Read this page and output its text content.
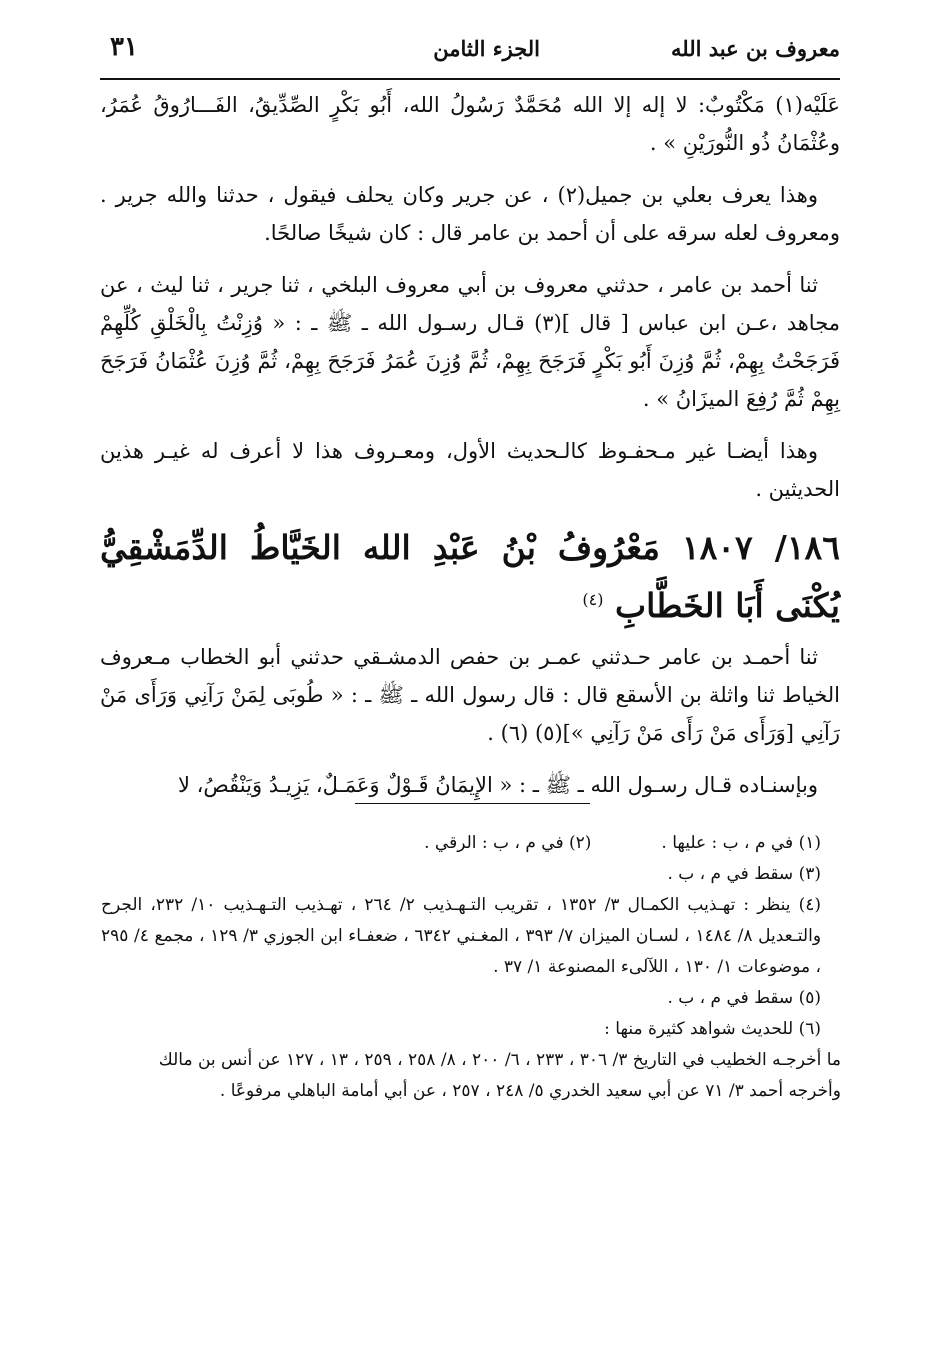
معروف بن عبد الله
الجزء الثامن
٣١

عَلَيْه(١) مَكْتُوبٌ: لا إله إلا الله مُحَمَّدٌ رَسُولُ الله، أَبُو بَكْرٍ الصِّدِّيقُ، الفَـــارُوقُ عُمَرُ، وعُثْمَانُ ذُو النُّورَيْنِ » .

وهذا يعرف بعلي بن جميل(٢) ، عن جرير وكان يحلف فيقول ، حدثنا والله جرير . ومعروف لعله سرقه على أن أحمد بن عامر قال : كان شيخًا صالحًا.

ثنا أحمد بن عامر ، حدثني معروف بن أبي معروف البلخي ، ثنا جرير ، ثنا ليث ، عن مجاهد ،عـن ابن عباس [ قال ](٣) قـال رسـول الله ـ ﷺ ـ : « وُزِنْتُ بِالْخَلْقِ كُلِّهِمْ فَرَجَحْتُ بِهِمْ، ثُمَّ وُزِنَ أَبُو بَكْرٍ فَرَجَحَ بِهِمْ، ثُمَّ وُزِنَ عُمَرُ فَرَجَحَ بِهِمْ، ثُمَّ وُزِنَ عُثْمَانُ فَرَجَحَ بِهِمْ ثُمَّ رُفِعَ الميزَانُ » .

وهذا أيضـا غير مـحفـوظ كالـحديث الأول، ومعـروف هذا لا أعرف له غيـر هذين الحديثين .

١٨٦/ ١٨٠٧ مَعْرُوفُ بْنُ عَبْدِ الله الخَيَّاطُ الدِّمَشْقِيُّ يُكْنَى أَبَا الخَطَّابِ $^{(٤)}$

ثنا أحمـد بن عامر حـدثني عمـر بن حفص الدمشـقي حدثني أبو الخطاب مـعروف الخياط ثنا واثلة بن الأسقع قال : قال رسول الله ـ ﷺ ـ : « طُوبَى لِمَنْ رَآنِي وَرَأَى مَنْ رَآنِي [وَرَأَى مَنْ رَأَى مَنْ رَآنِي »](٥) (٦) .

وبإسنـاده قـال رسـول الله ـ ﷺ ـ : « الإِيمَانُ قَـوْلٌ وَعَمَـلٌ، يَزِيـدُ وَيَنْقُصُ، لا

(١) في م ، ب : عليها .

(٢) في م ، ب : الرقي .

(٣) سقط في م ، ب .

(٤) ينظر : تهـذيب الكمـال ٣/ ١٣٥٢ ، تقريب التـهـذيب ٢/ ٢٦٤ ، تهـذيب التـهـذيب ١٠/ ٢٣٢، الجرح والتـعديل ٨/ ١٤٨٤ ، لسـان الميزان ٧/ ٣٩٣ ، المغـني ٦٣٤٢ ، ضعفـاء ابن الجوزي ٣/ ١٢٩ ، مجمع ٤/ ٢٩٥ ، موضوعات ١/ ١٣٠ ، اللآلىء المصنوعة ١/ ٣٧ .

(٥) سقط في م ، ب .

(٦) للحديث شواهد كثيرة منها :

ما أخرجـه الخطيب في التاريخ ٣/ ٣٠٦ ، ٢٣٣ ، ٦/ ٢٠٠ ، ٨/ ٢٥٨ ، ٢٥٩ ، ١٣ ، ١٢٧ عن أنس بن مالك

وأخرجه أحمد ٣/ ٧١ عن أبي سعيد الخدري ٥/ ٢٤٨ ، ٢٥٧ ، عن أبي أمامة الباهلي مرفوعًا .
